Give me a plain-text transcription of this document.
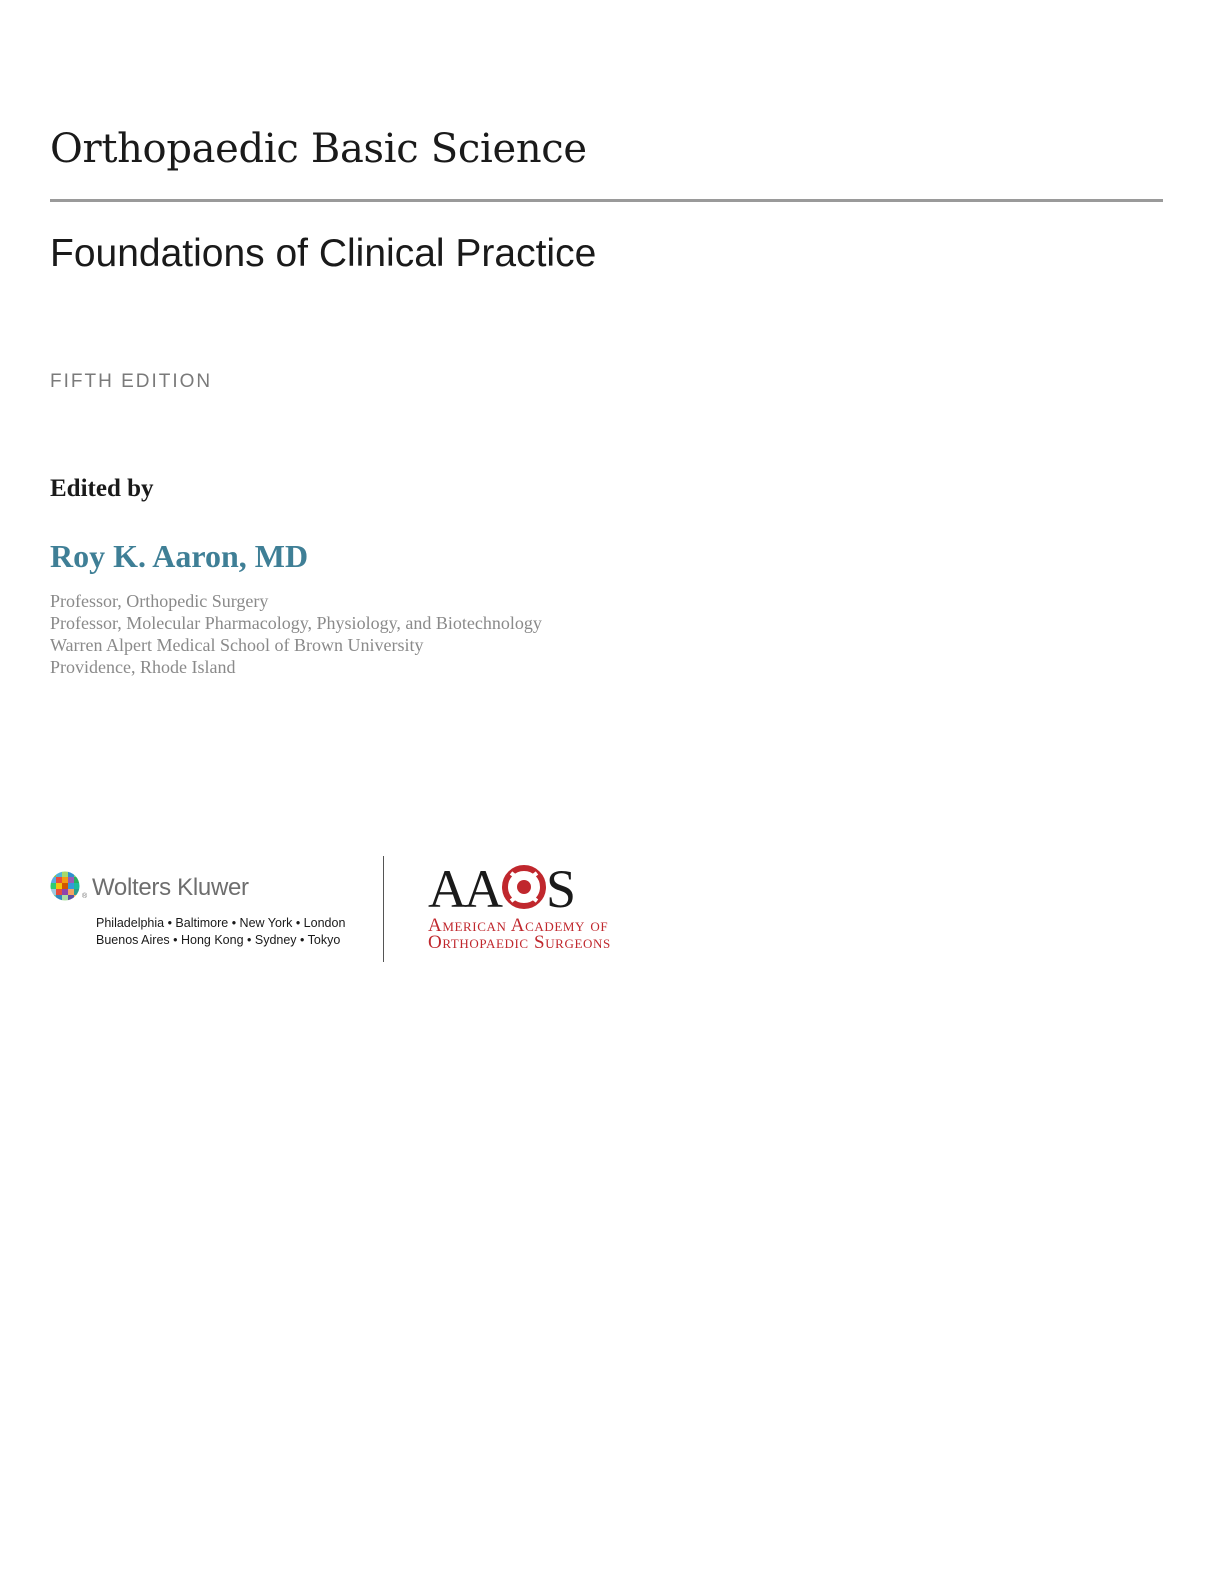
Orthopaedic Basic Science
Foundations of Clinical Practice
FIFTH EDITION
Edited by
Roy K. Aaron, MD
Professor, Orthopedic Surgery
Professor, Molecular Pharmacology, Physiology, and Biotechnology
Warren Alpert Medical School of Brown University
Providence, Rhode Island
® Wolters Kluwer
Philadelphia • Baltimore • New York • London
Buenos Aires • Hong Kong • Sydney • Tokyo
AA S
American Academy of
Orthopaedic Surgeons
